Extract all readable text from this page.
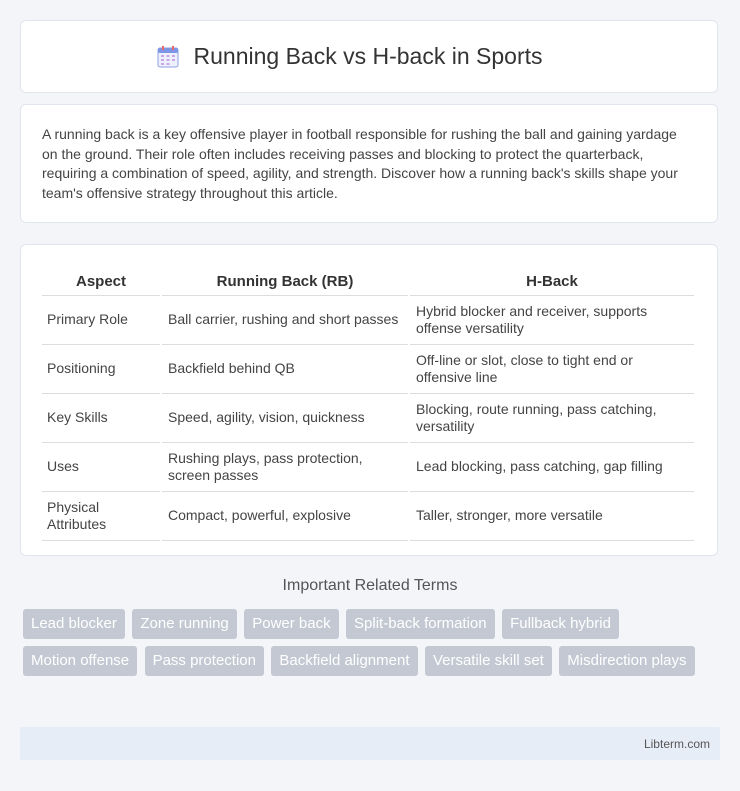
Running Back vs H-back in Sports

A running back is a key offensive player in football responsible for rushing the ball and gaining yardage on the ground. Their role often includes receiving passes and blocking to protect the quarterback, requiring a combination of speed, agility, and strength. Discover how a running back's skills shape your team's offensive strategy throughout this article.

Aspect	Running Back (RB)	H-Back
Primary Role	Ball carrier, rushing and short passes	Hybrid blocker and receiver, supports offense versatility
Positioning	Backfield behind QB	Off-line or slot, close to tight end or offensive line
Key Skills	Speed, agility, vision, quickness	Blocking, route running, pass catching, versatility
Uses	Rushing plays, pass protection, screen passes	Lead blocking, pass catching, gap filling
Physical Attributes	Compact, powerful, explosive	Taller, stronger, more versatile
Important Related Terms
Lead blocker Zone running Power back Split-back formation Fullback hybrid Motion offense Pass protection Backfield alignment Versatile skill set Misdirection plays
Libterm.com
